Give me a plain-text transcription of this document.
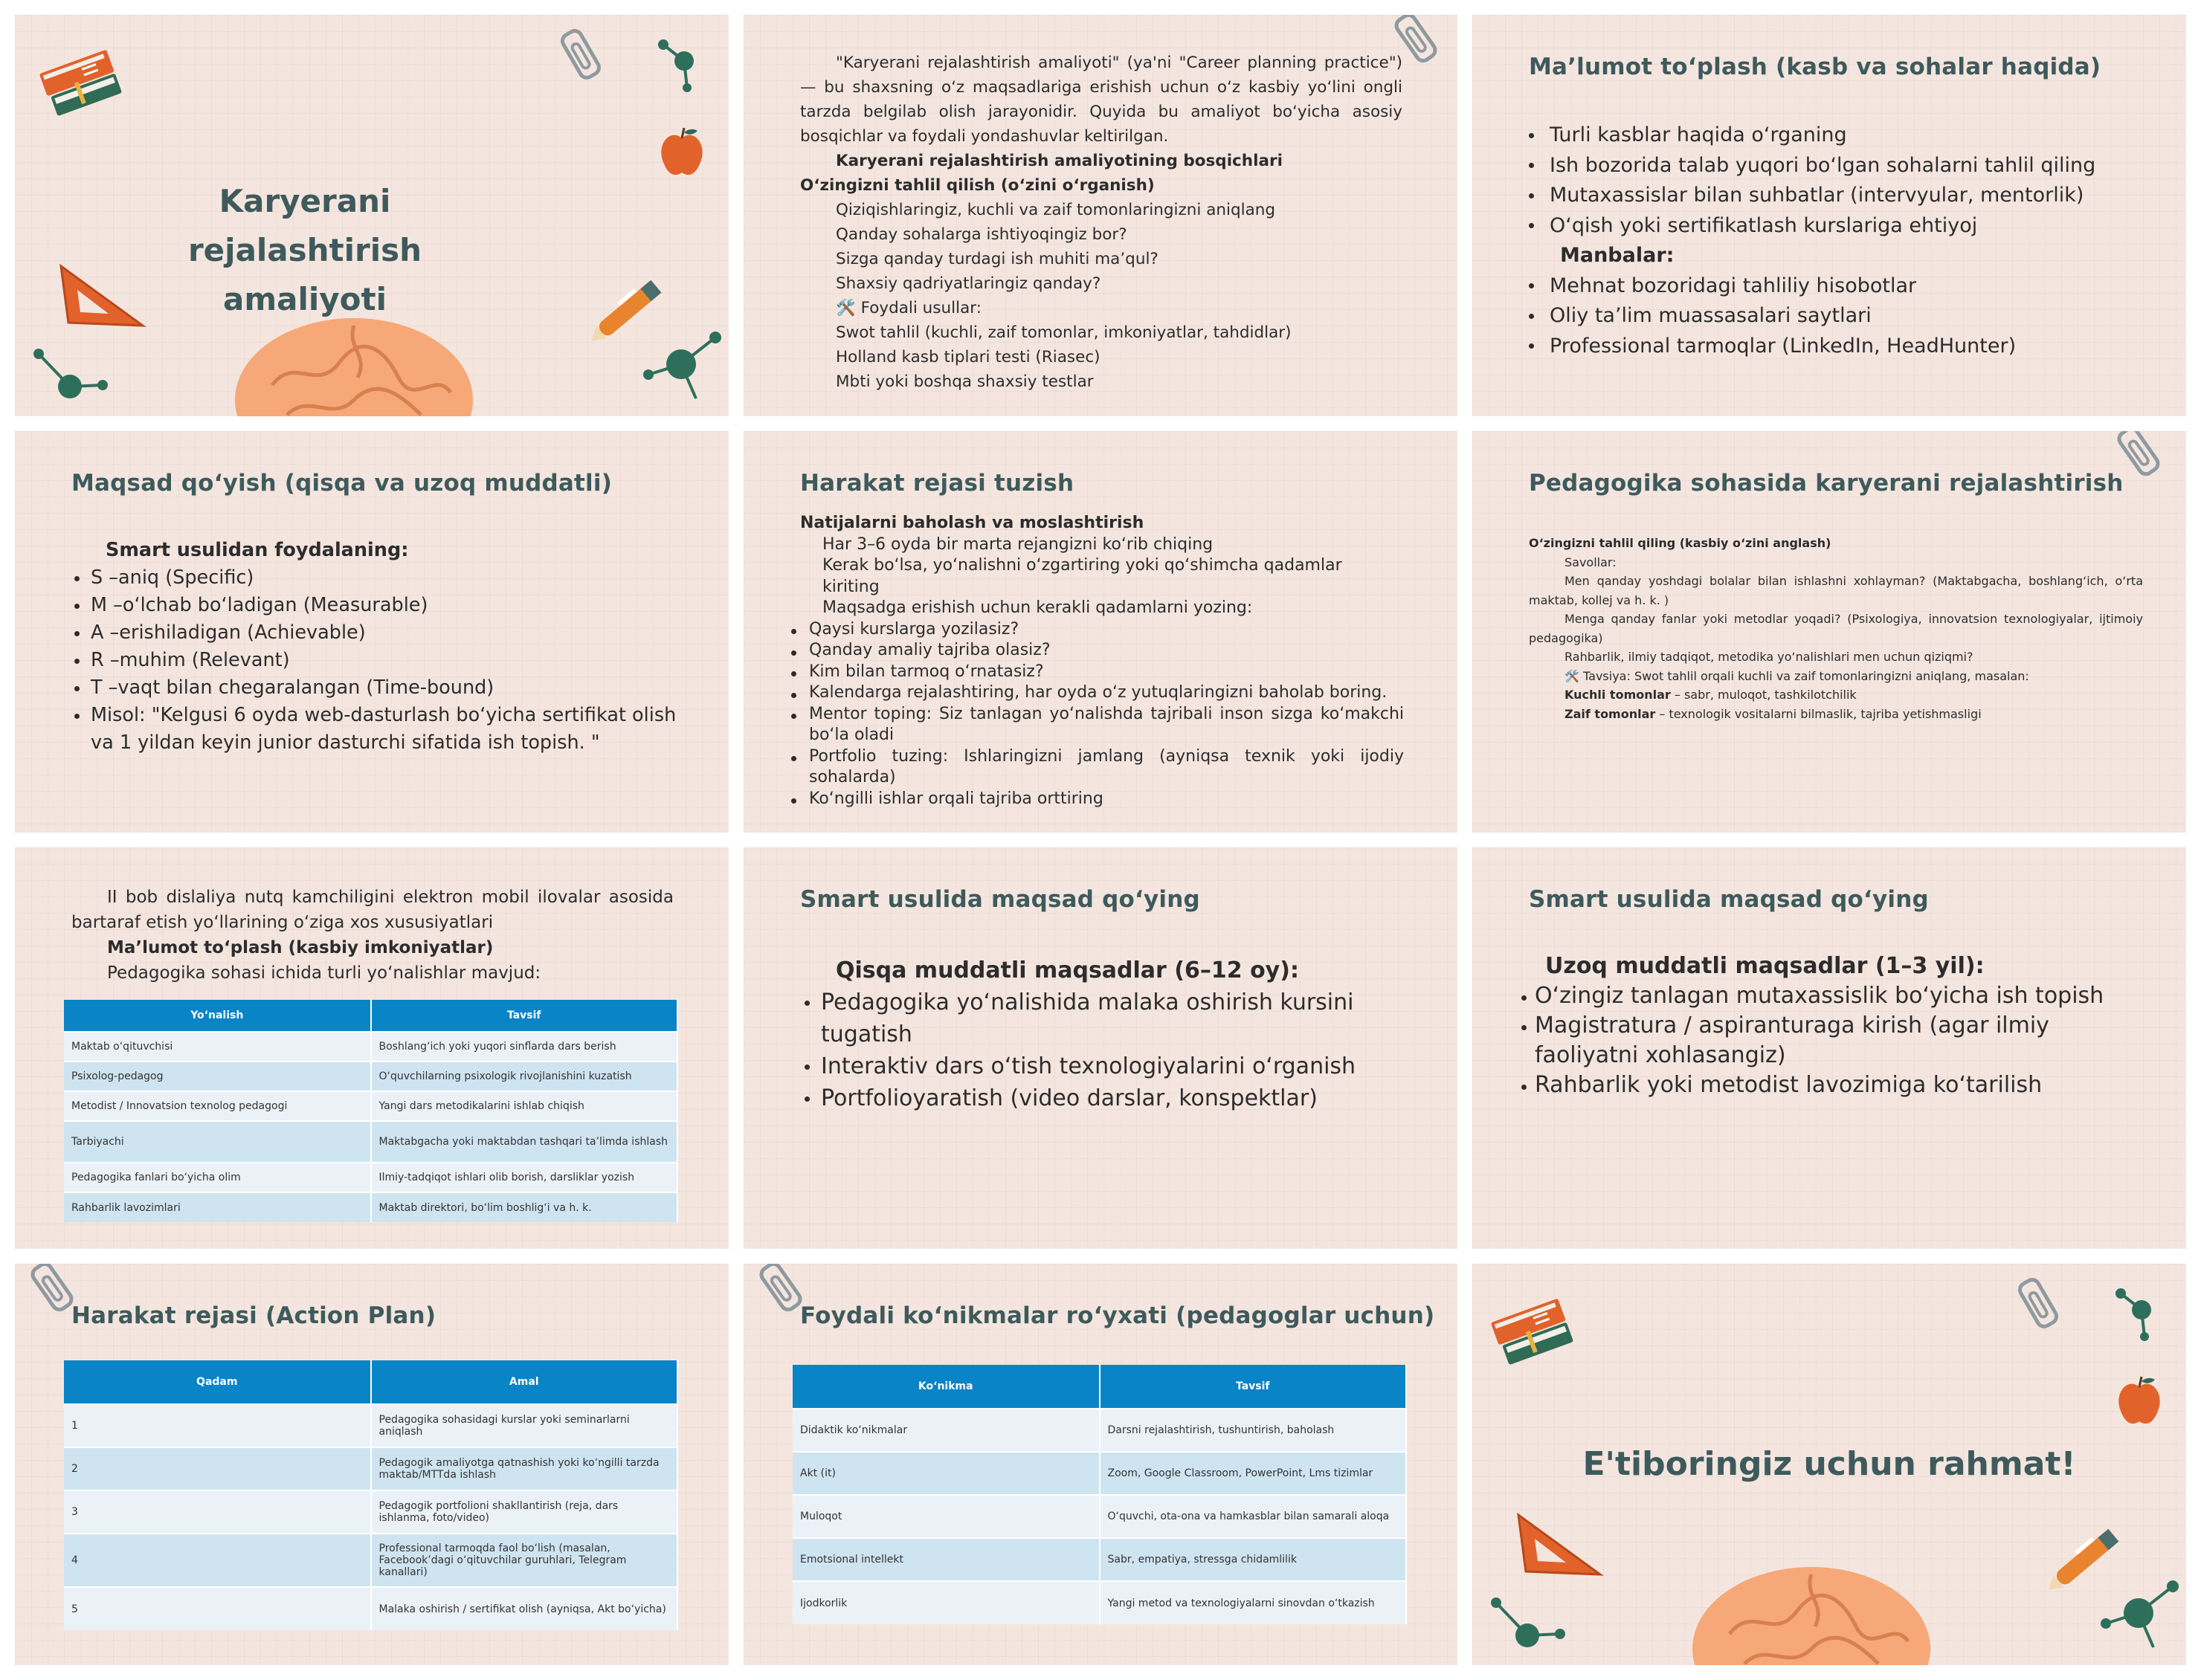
Karyerani rejalashtirish amaliyoti

"Karyerani rejalashtirish amaliyoti" (ya'ni "Career planning practice") — bu shaxsning o‘z maqsadlariga erishish uchun o‘z kasbiy yo‘lini ongli tarzda belgilab olish jarayonidir. Quyida bu amaliyot bo‘yicha asosiy bosqichlar va foydali yondashuvlar keltirilgan.

Karyerani rejalashtirish amaliyotining bosqichlari

O‘zingizni tahlil qilish (o‘zini o‘rganish)

Qiziqishlaringiz, kuchli va zaif tomonlaringizni aniqlang

Qanday sohalarga ishtiyoqingiz bor?

Sizga qanday turdagi ish muhiti ma’qul?

Shaxsiy qadriyatlaringiz qanday?

🛠️ Foydali usullar:

Swot tahlil (kuchli, zaif tomonlar, imkoniyatlar, tahdidlar)

Holland kasb tiplari testi (Riasec)

Mbti yoki boshqa shaxsiy testlar

Ma’lumot to‘plash (kasb va sohalar haqida)
Turli kasblar haqida o‘rganing
Ish bozorida talab yuqori bo‘lgan sohalarni tahlil qiling
Mutaxassislar bilan suhbatlar (intervyular, mentorlik)
O‘qish yoki sertifikatlash kurslariga ehtiyoj

Manbalar:

Mehnat bozoridagi tahliliy hisobotlar
Oliy ta’lim muassasalari saytlari
Professional tarmoqlar (LinkedIn, HeadHunter)
Maqsad qo‘yish (qisqa va uzoq muddatli)

Smart usulidan foydalaning:

S –aniq (Specific)
M –o‘lchab bo‘ladigan (Measurable)
A –erishiladigan (Achievable)
R –muhim (Relevant)
T –vaqt bilan chegaralangan (Time-bound)
Misol: "Kelgusi 6 oyda web-dasturlash bo‘yicha sertifikat olish va 1 yildan keyin junior dasturchi sifatida ish topish. "
Harakat rejasi tuzish

Natijalarni baholash va moslashtirish

Har 3–6 oyda bir marta rejangizni ko‘rib chiqing

Kerak bo‘lsa, yo‘nalishni o‘zgartiring yoki qo‘shimcha qadamlar kiriting

Maqsadga erishish uchun kerakli qadamlarni yozing:

Qaysi kurslarga yozilasiz?
Qanday amaliy tajriba olasiz?
Kim bilan tarmoq o‘rnatasiz?
Kalendarga rejalashtiring, har oyda o‘z yutuqlaringizni baholab boring.
Mentor toping: Siz tanlagan yo‘nalishda tajribali inson sizga ko‘makchi bo‘la oladi
Portfolio tuzing: Ishlaringizni jamlang (ayniqsa texnik yoki ijodiy sohalarda)
Ko‘ngilli ishlar orqali tajriba orttiring
Pedagogika sohasida karyerani rejalashtirish

O‘zingizni tahlil qiling (kasbiy o‘zini anglash)

Savollar:

Men qanday yoshdagi bolalar bilan ishlashni xohlayman? (Maktabgacha, boshlang‘ich, o‘rta maktab, kollej va h. k. )

Menga qanday fanlar yoki metodlar yoqadi? (Psixologiya, innovatsion texnologiyalar, ijtimoiy pedagogika)

Rahbarlik, ilmiy tadqiqot, metodika yo‘nalishlari men uchun qiziqmi?

🛠️ Tavsiya: Swot tahlil orqali kuchli va zaif tomonlaringizni aniqlang, masalan:

Kuchli tomonlar – sabr, muloqot, tashkilotchilik

Zaif tomonlar – texnologik vositalarni bilmaslik, tajriba yetishmasligi

II bob dislaliya nutq kamchiligini elektron mobil ilovalar asosida bartaraf etish yo‘llarining o‘ziga xos xususiyatlari

Ma’lumot to‘plash (kasbiy imkoniyatlar)

Pedagogika sohasi ichida turli yo‘nalishlar mavjud:

Yo‘nalish	Tavsif
Maktab o‘qituvchisi	Boshlang‘ich yoki yuqori sinflarda dars berish
Psixolog-pedagog	O‘quvchilarning psixologik rivojlanishini kuzatish
Metodist / Innovatsion texnolog pedagogi	Yangi dars metodikalarini ishlab chiqish
Tarbiyachi	Maktabgacha yoki maktabdan tashqari ta’limda ishlash
Pedagogika fanlari bo‘yicha olim	Ilmiy-tadqiqot ishlari olib borish, darsliklar yozish
Rahbarlik lavozimlari	Maktab direktori, bo‘lim boshlig‘i va h. k.
Smart usulida maqsad qo‘ying

Qisqa muddatli maqsadlar (6–12 oy):

Pedagogika yo‘nalishida malaka oshirish kursini tugatish
Interaktiv dars o‘tish texnologiyalarini o‘rganish
Portfolioyaratish (video darslar, konspektlar)
Smart usulida maqsad qo‘ying

Uzoq muddatli maqsadlar (1–3 yil):

O‘zingiz tanlagan mutaxassislik bo‘yicha ish topish
Magistratura / aspiranturaga kirish (agar ilmiy faoliyatni xohlasangiz)
Rahbarlik yoki metodist lavozimiga ko‘tarilish
Harakat rejasi (Action Plan)
Qadam	Amal
1	Pedagogika sohasidagi kurslar yoki seminarlarni aniqlash
2	Pedagogik amaliyotga qatnashish yoki ko‘ngilli tarzda maktab/MTTda ishlash
3	Pedagogik portfolioni shakllantirish (reja, dars ishlanma, foto/video)
4	Professional tarmoqda faol bo‘lish (masalan, Facebook’dagi o‘qituvchilar guruhlari, Telegram kanallari)
5	Malaka oshirish / sertifikat olish (ayniqsa, Akt bo‘yicha)
Foydali ko‘nikmalar ro‘yxati (pedagoglar uchun)
Ko‘nikma	Tavsif
Didaktik ko‘nikmalar	Darsni rejalashtirish, tushuntirish, baholash
Akt (it)	Zoom, Google Classroom, PowerPoint, Lms tizimlar
Muloqot	O‘quvchi, ota-ona va hamkasblar bilan samarali aloqa
Emotsional intellekt	Sabr, empatiya, stressga chidamlilik
Ijodkorlik	Yangi metod va texnologiyalarni sinovdan o‘tkazish
E'tiboringiz uchun rahmat!
